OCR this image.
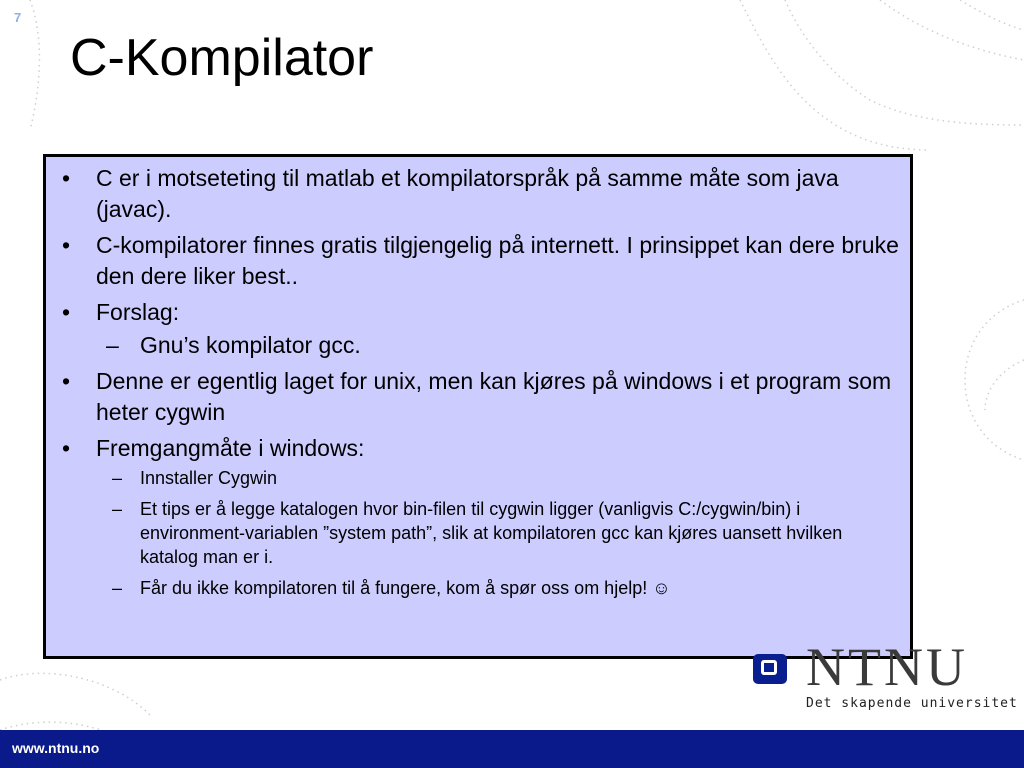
7
C-Kompilator
• C er i motseteting til matlab et kompilatorspråk på samme måte som java (javac).
• C-kompilatorer finnes gratis tilgjengelig på internett. I prinsippet kan dere bruke den dere liker best..
• Forslag:
– Gnu’s kompilator gcc.
• Denne er egentlig laget for unix, men kan kjøres på windows i et program som heter cygwin
• Fremgangmåte i windows:
– Innstaller Cygwin
– Et tips er å legge katalogen hvor bin-filen til cygwin ligger (vanligvis C:/cygwin/bin) i environment-variablen ”system path”, slik at kompilatoren gcc kan kjøres uansett hvilken katalog man er i.
– Får du ikke kompilatoren til å fungere, kom å spør oss om hjelp! ☺
NTNU
Det skapende universitet
www.ntnu.no
